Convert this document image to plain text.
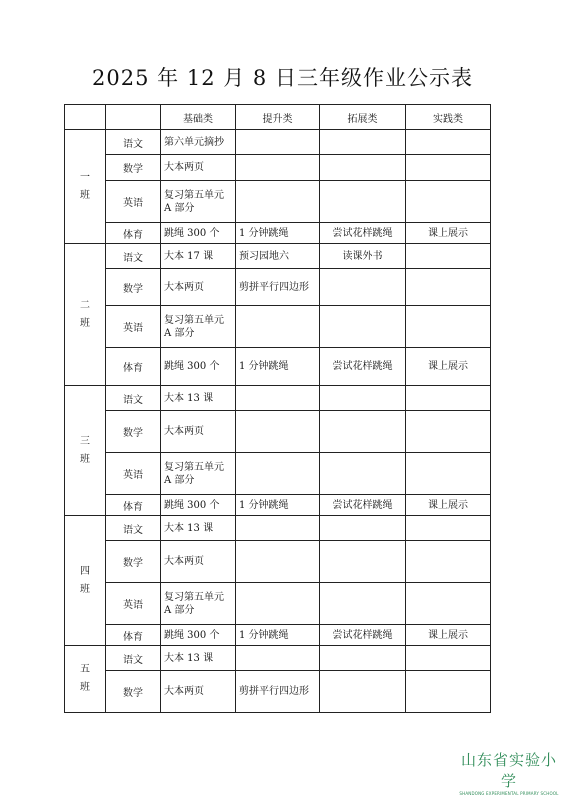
2025 年 12 月 8 日三年级作业公示表
		基础类	提升类	拓展类	实践类

一
班	语文	第六单元摘抄			
	数学	大本两页			
	英语	复习第五单元 A 部分			
	体育	跳绳 300 个	1 分钟跳绳	尝试花样跳绳	课上展示

二
班	语文	大本 17 课	预习园地六	读课外书	
	数学	大本两页	剪拼平行四边形		
	英语	复习第五单元 A 部分			
	体育	跳绳 300 个	1 分钟跳绳	尝试花样跳绳	课上展示

三
班	语文	大本 13 课			
	数学	大本两页			
	英语	复习第五单元 A 部分			
	体育	跳绳 300 个	1 分钟跳绳	尝试花样跳绳	课上展示

四
班	语文	大本 13 课			
	数学	大本两页			
	英语	复习第五单元 A 部分			
	体育	跳绳 300 个	1 分钟跳绳	尝试花样跳绳	课上展示

五
班	语文	大本 13 课			
	数学	大本两页	剪拼平行四边形		
山东省实验小学
SHANDONG EXPERIMENTAL PRIMARY SCHOOL
